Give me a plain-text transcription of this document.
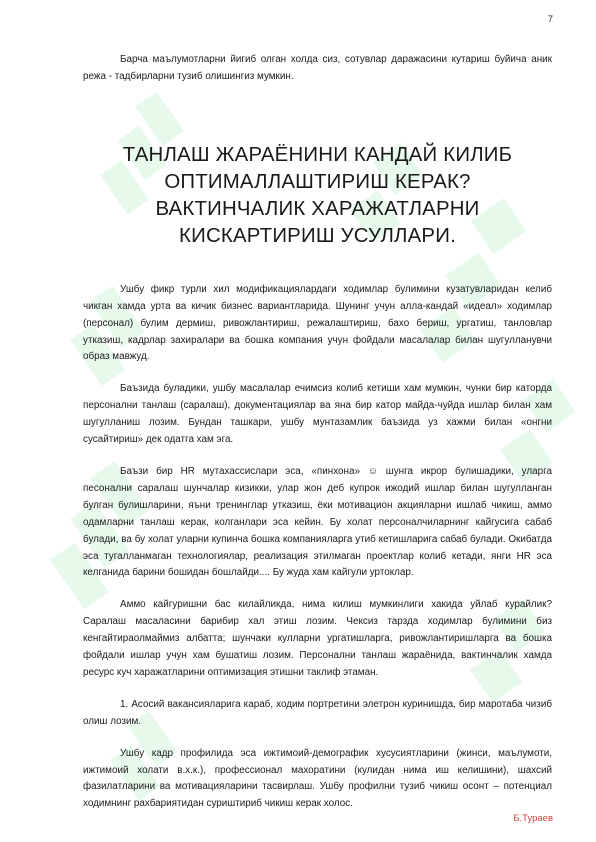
7

Барча маълумотларни йигиб олган холда сиз, сотувлар даражасини кутариш буйича аник режа - тадбирларни тузиб олишингиз мумкин.

ТАНЛАШ ЖАРАЁНИНИ КАНДАЙ КИЛИБ
ОПТИМАЛЛАШТИРИШ КЕРАК?
ВАКТИНЧАЛИК ХАРАЖАТЛАРНИ
КИСКАРТИРИШ УСУЛЛАРИ.

Ушбу фикр турли хил модификациялардаги ходимлар булимини кузатувларидан келиб чикган хамда урта ва кичик бизнес вариантларида. Шунинг учун алла-кандай «идеал» ходимлар (персонал) булим дермиш, ривожлантириш, режалаштириш, бахо бериш, ургатиш, танловлар утказиш, кадрлар захиралари ва бошка компания учун фойдали масалалар билан шугулланувчи образ мавжуд.

Баъзида буладики, ушбу масалалар ечимсиз колиб кетиши хам мумкин, чунки бир каторда персонални танлаш (саралаш), документациялар ва яна бир катор майда-чуйда ишлар билан хам шугулланиш лозим. Бундан ташкари, ушбу мунтазамлик баъзида уз хажми билан «онгни сусайтириш» дек одатга хам эга.

Баъзи бир HR мутахассислари эса, «пинхона» ☺ шунга икрор булишадики, уларга песонални саралаш шунчалар кизикки, улар жон деб купрок ижодий ишлар билан шугулланган булган булишларини, яъни тренинглар утказиш, ёки мотивацион акцияларни ишлаб чикиш, аммо одамларни танлаш керак, колганлари эса кейин. Бу холат персоналчиларнинг кайгусига сабаб булади, ва бу холат уларни купинча бошка компанияларга утиб кетишларига сабаб булади. Окибатда эса тугалланмаган технологиялар, реализация этилмаган проектлар колиб кетади, янги HR эса келганида барини бошидан бошлайди.... Бу жуда хам кайгули уртоклар.

Аммо кайгуришни бас килайликда, нима килиш мумкинлиги хакида уйлаб курайлик? Саралаш масаласини барибир хал этиш лозим. Чексиз тарзда ходимлар булимини биз кенгайтираолмаймиз албатта; шунчаки кулларни ургатишларга, ривожлантиришларга ва бошка фойдали ишлар учун хам бушатиш лозим. Персонални танлаш жараёнида, вактинчалик хамда ресурс куч харажатларини оптимизация этишни таклиф этаман.

1. Асосий вакансияларига караб, ходим портретини элетрон куринишда, бир маротаба чизиб олиш лозим.

Ушбу кадр профилида эса ижтимоий-демографик хусусиятларини (жинси, маълумоти, ижтимоий холати в.х.к.), профессионал махоратини (кулидан нима иш келишини), шахсий фазилатларини ва мотивацияларини тасвирлаш. Ушбу профилни тузиб чикиш осонт – потенциал ходимнинг рахбариятидан суриштириб чикиш керак холос.

Б.Тураев
